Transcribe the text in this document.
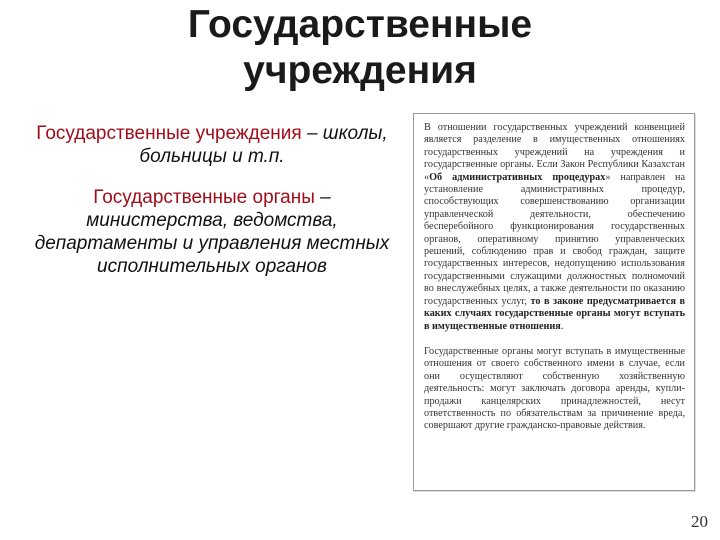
Государственные
учреждения

Государственные учреждения – школы, больницы и т.п.

Государственные органы – министерства, ведомства, департаменты и управления местных исполнительных органов

В отношении государственных учреждений конвенцией является разделение в имущественных отношениях государственных учреждений на учреждения и государственные органы. Если Закон Республики Казахстан «Об административных процедурах» направлен на установление административных процедур, способствующих совершенствованию организации управленческой деятельности, обеспечению бесперебойного функционирования государственных органов, оперативному принятию управленческих решений, соблюдению прав и свобод граждан, защите государственных интересов, недопущению использования государственными служащими должностных полномочий во внеслужебных целях, а также деятельности по оказанию государственных услуг, то в законе предусматривается в каких случаях государственные органы могут вступать в имущественные отношения.

Государственные органы могут вступать в имущественные отношения от своего собственного имени в случае, если они осуществляют собственную хозяйственную деятельность: могут заключать договора аренды, купли-продажи канцелярских принадлежностей, несут ответственность по обязательствам за причинение вреда, совершают другие гражданско-правовые действия.

20
